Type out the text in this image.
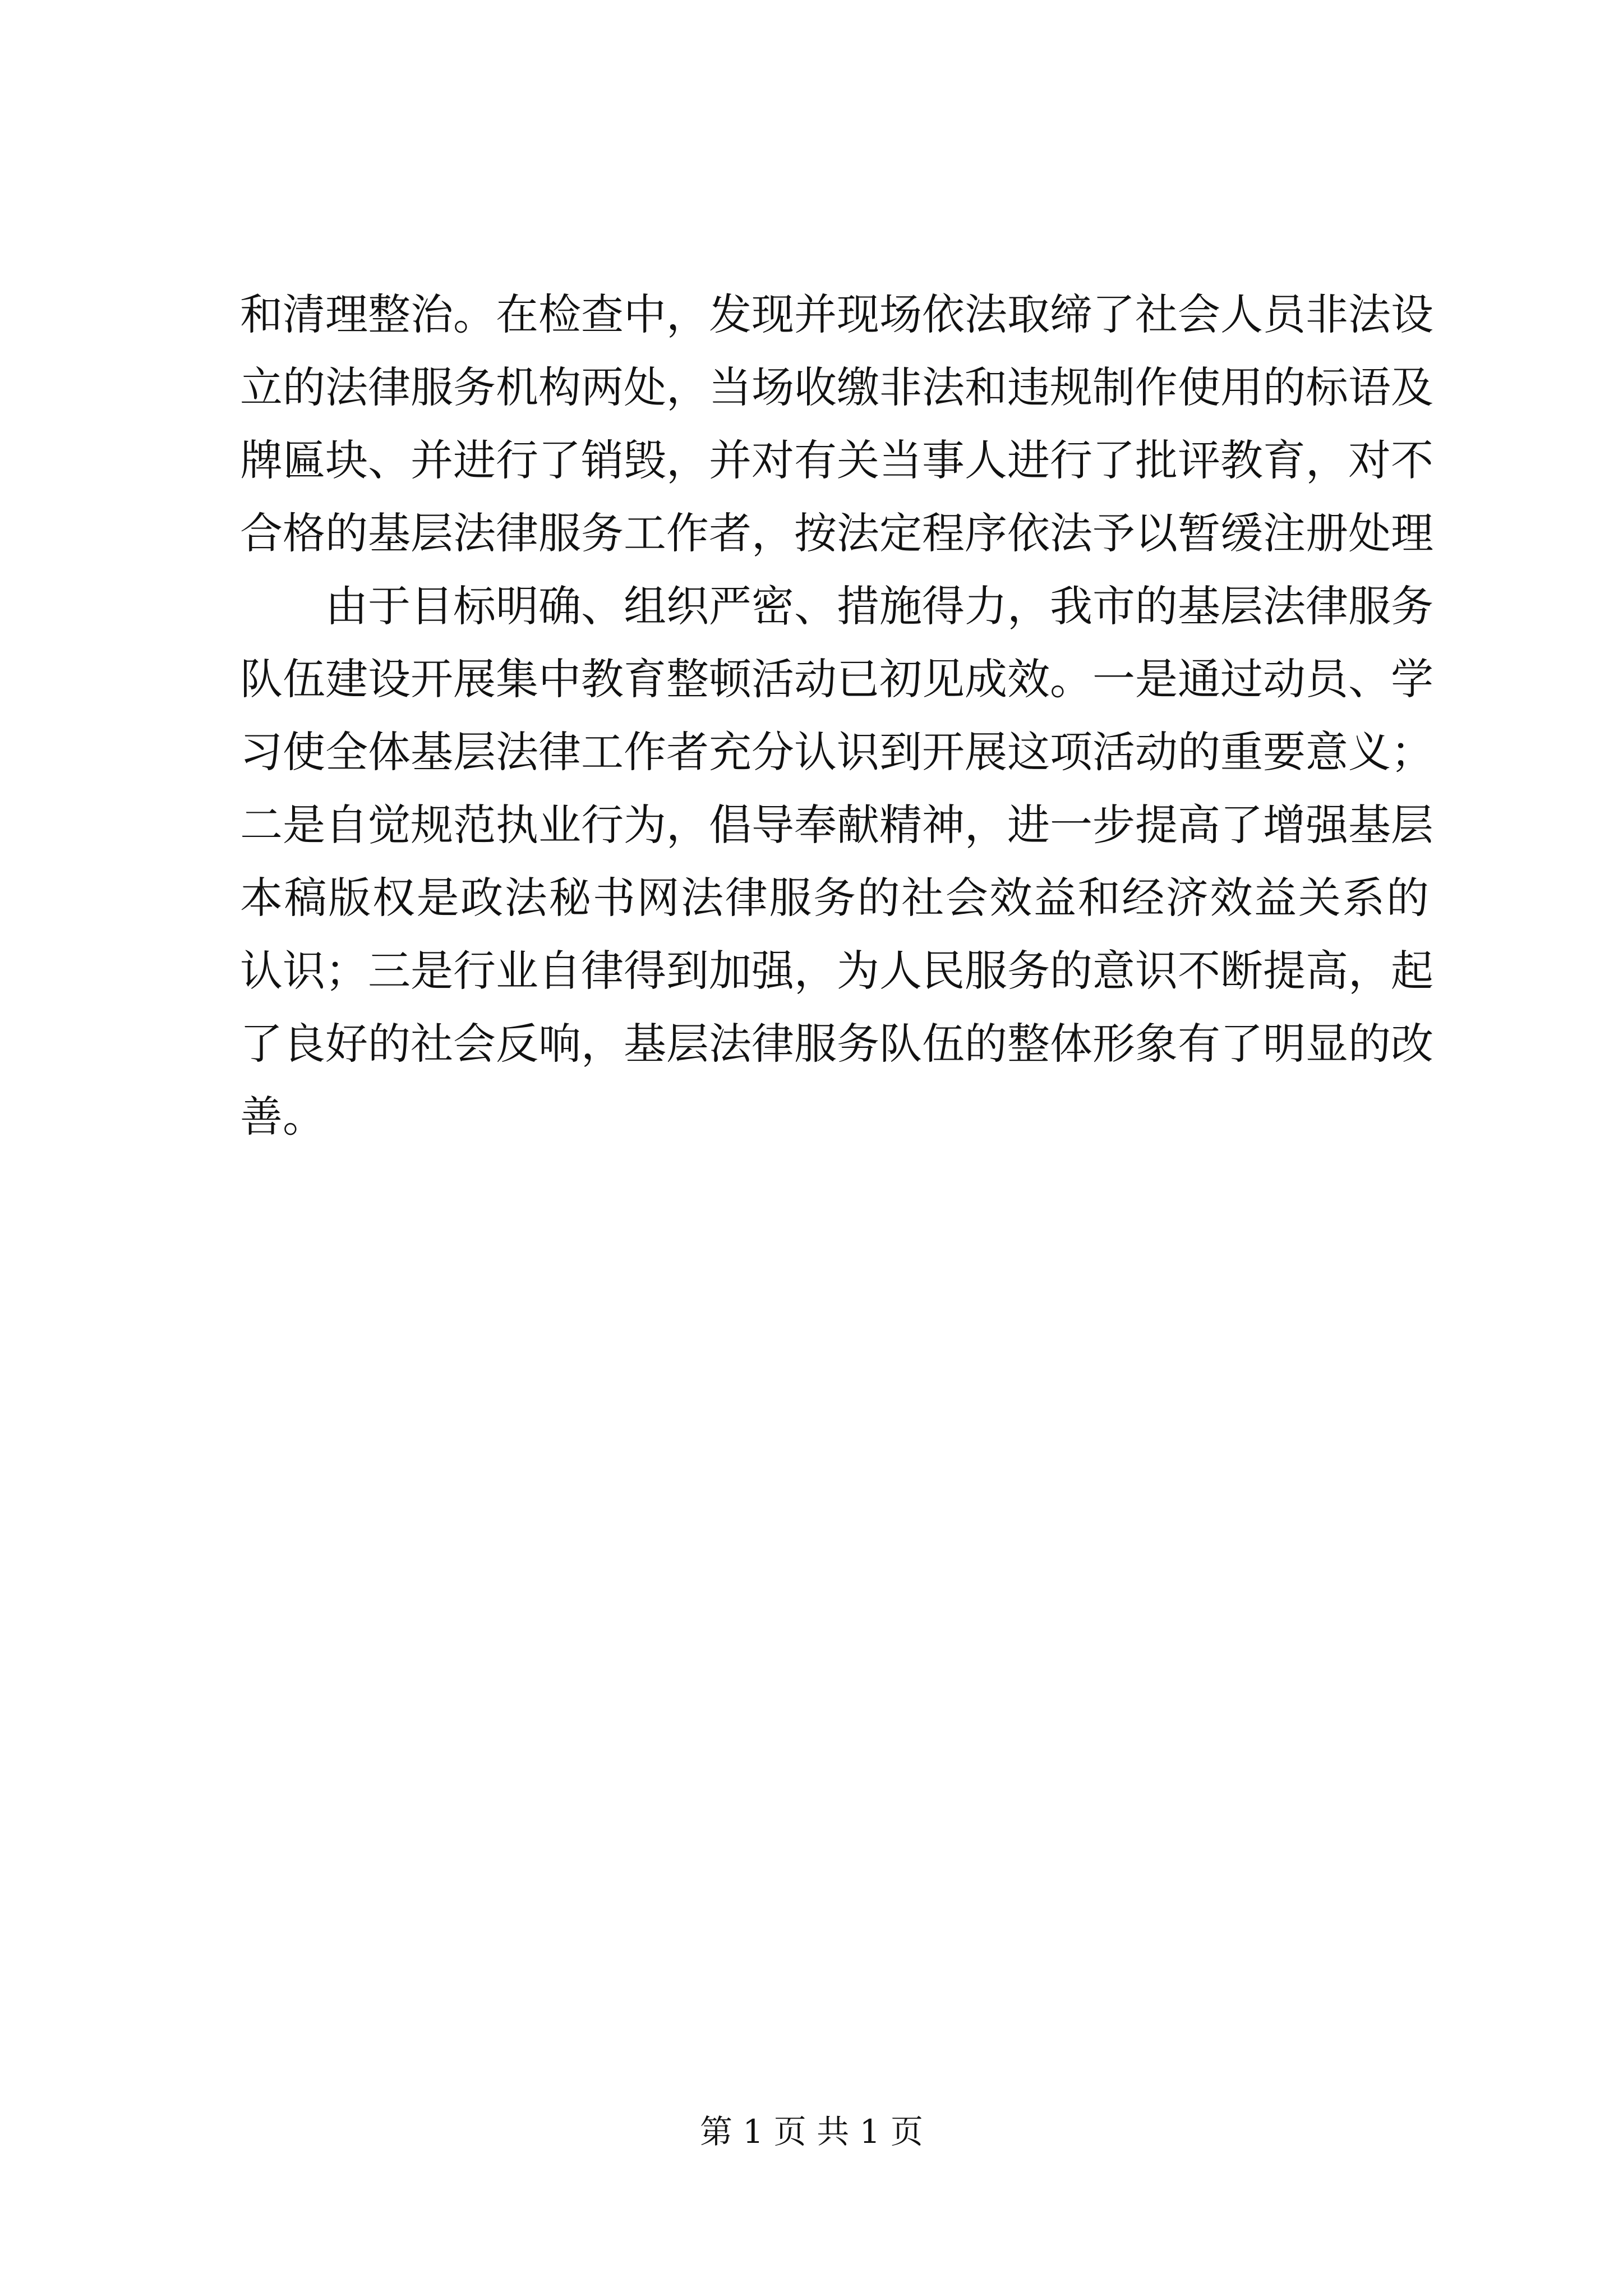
和清理整治。在检查中，发现并现场依法取缔了社会人员非法设
立的法律服务机构两处，当场收缴非法和违规制作使用的标语及
牌匾块、并进行了销毁，并对有关当事人进行了批评教育，对不
合格的基层法律服务工作者，按法定程序依法予以暂缓注册处理
由于目标明确、组织严密、措施得力，我市的基层法律服务
队伍建设开展集中教育整顿活动已初见成效。一是通过动员、学
习使全体基层法律工作者充分认识到开展这项活动的重要意义；
二是自觉规范执业行为，倡导奉献精神，进一步提高了增强基层
本稿版权是政法秘书网法律服务的社会效益和经济效益关系的
认识；三是行业自律得到加强，为人民服务的意识不断提高，起
了良好的社会反响，基层法律服务队伍的整体形象有了明显的改
善。
第 1 页 共 1 页
